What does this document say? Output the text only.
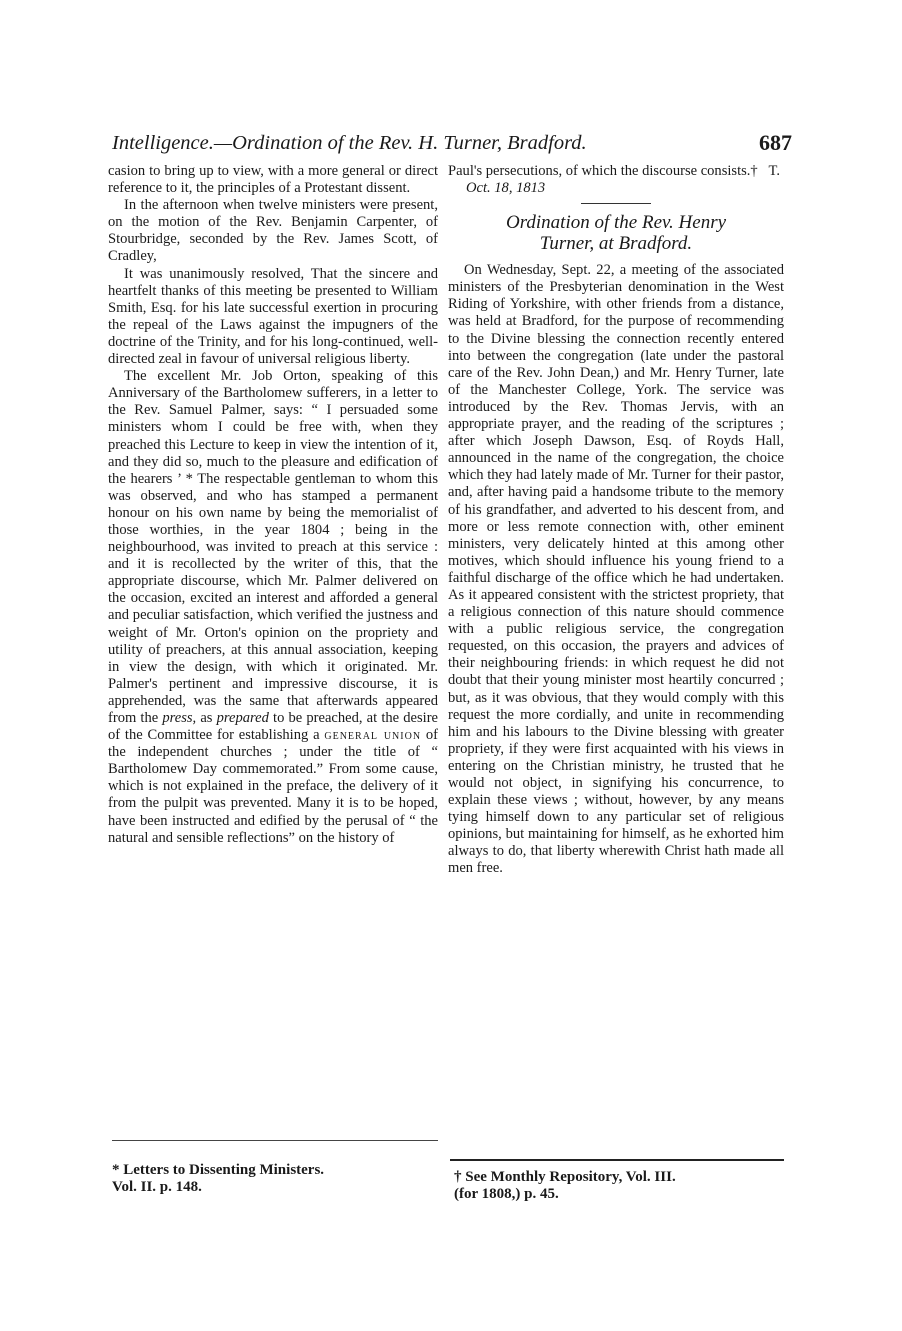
Intelligence.—Ordination of the Rev. H. Turner, Bradford.	687

casion to bring up to view, with a more general or direct reference to it, the principles of a Protestant dissent.

In the afternoon when twelve ministers were present, on the motion of the Rev. Benjamin Carpenter, of Stourbridge, seconded by the Rev. James Scott, of Cradley,

It was unanimously resolved, That the sincere and heartfelt thanks of this meeting be presented to William Smith, Esq. for his late successful exertion in procuring the repeal of the Laws against the impugners of the doctrine of the Trinity, and for his long-continued, well-directed zeal in favour of universal religious liberty.

The excellent Mr. Job Orton, speaking of this Anniversary of the Bartholomew sufferers, in a letter to the Rev. Samuel Palmer, says: “ I persuaded some ministers whom I could be free with, when they preached this Lecture to keep in view the intention of it, and they did so, much to the pleasure and edification of the hearers ’ * The respectable gentleman to whom this was observed, and who has stamped a permanent honour on his own name by being the memorialist of those worthies, in the year 1804 ; being in the neighbourhood, was invited to preach at this service : and it is recollected by the writer of this, that the appropriate discourse, which Mr. Palmer delivered on the occasion, excited an interest and afforded a general and peculiar satisfaction, which verified the justness and weight of Mr. Orton's opinion on the propriety and utility of preachers, at this annual association, keeping in view the design, with which it originated. Mr. Palmer's pertinent and impressive discourse, it is apprehended, was the same that afterwards appeared from the press, as prepared to be preached, at the desire of the Committee for establishing a general union of the independent churches ; under the title of “ Bartholomew Day commemorated.” From some cause, which is not explained in the preface, the delivery of it from the pulpit was prevented. Many it is to be hoped, have been instructed and edified by the perusal of “ the natural and sensible reflections” on the history of

Paul's persecutions, of which the discourse consists.† T.

Oct. 18, 1813

Ordination of the Rev. Henry
Turner, at Bradford.

On Wednesday, Sept. 22, a meeting of the associated ministers of the Presbyterian denomination in the West Riding of Yorkshire, with other friends from a distance, was held at Bradford, for the purpose of recommending to the Divine blessing the connection recently entered into between the congregation (late under the pastoral care of the Rev. John Dean,) and Mr. Henry Turner, late of the Manchester College, York. The service was introduced by the Rev. Thomas Jervis, with an appropriate prayer, and the reading of the scriptures ; after which Joseph Dawson, Esq. of Royds Hall, announced in the name of the congregation, the choice which they had lately made of Mr. Turner for their pastor, and, after having paid a handsome tribute to the memory of his grandfather, and adverted to his descent from, and more or less remote connection with, other eminent ministers, very delicately hinted at this among other motives, which should influence his young friend to a faithful discharge of the office which he had undertaken. As it appeared consistent with the strictest propriety, that a religious connection of this nature should commence with a public religious service, the congregation requested, on this occasion, the prayers and advices of their neighbouring friends: in which request he did not doubt that their young minister most heartily concurred ; but, as it was obvious, that they would comply with this request the more cordially, and unite in recommending him and his labours to the Divine blessing with greater propriety, if they were first acquainted with his views in entering on the Christian ministry, he trusted that he would not object, in signifying his concurrence, to explain these views ; without, however, by any means tying himself down to any particular set of religious opinions, but maintaining for himself, as he exhorted him always to do, that liberty wherewith Christ hath made all men free.

* Letters to Dissenting Ministers.
Vol. II. p. 148.
† See Monthly Repository, Vol. III.
(for 1808,) p. 45.
